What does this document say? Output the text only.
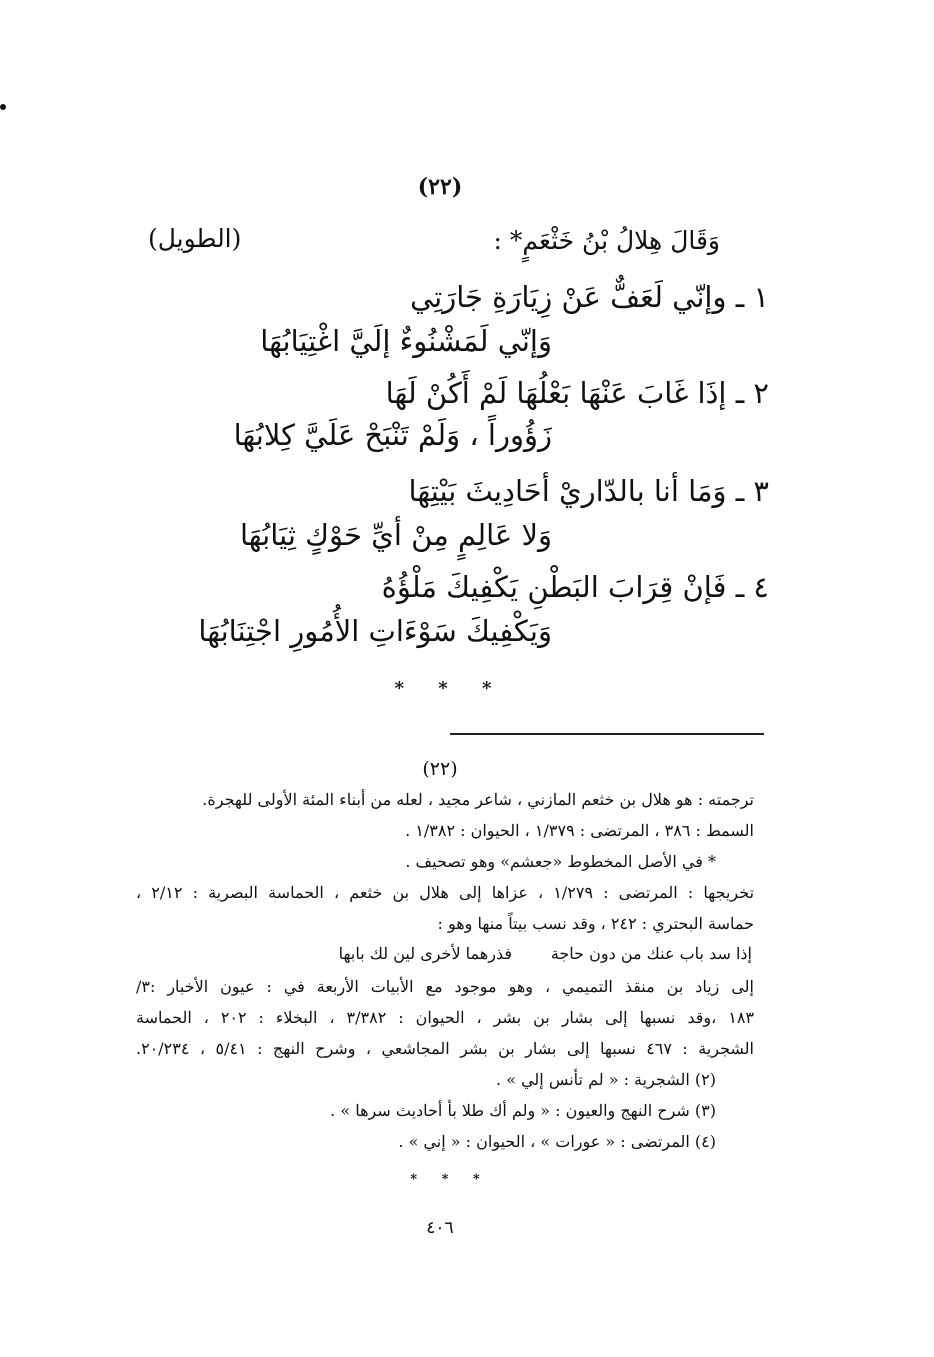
(٢٢)
وَقَالَ هِلالُ بْنُ خَثْعَمٍ* :
(الطويل)
١ ـ وإنّي لَعَفٌّ عَنْ زِيَارَةِ جَارَتِي
وَإنّي لَمَشْنُوءٌ إلَيَّ اغْتِيَابُهَا
٢ ـ إذَا غَابَ عَنْهَا بَعْلُهَا لَمْ أَكُنْ لَهَا
زَؤُوراً ، وَلَمْ تَنْبَحْ عَلَيَّ كِلابُهَا
٣ ـ وَمَا أنا بالدّاريْ أحَادِيثَ بَيْتِهَا
وَلا عَالِمٍ مِنْ أيِّ حَوْكٍ ثِيَابُهَا
٤ ـ فَإنْ قِرَابَ البَطْنِ يَكْفِيكَ مَلْؤُهُ
وَيَكْفِيكَ سَوْءَاتِ الأُمُورِ اجْتِنَابُهَا
* * *
(٢٢)
ترجمته : هو هلال بن خثعم المازني ، شاعر مجيد ، لعله من أبناء المئة الأولى للهجرة.
السمط : ٣٨٦ ، المرتضى : ١/٣٧٩ ، الحيوان : ١/٣٨٢ .
* في الأصل المخطوط «جعشم» وهو تصحيف .
تخريجها : المرتضى : ١/٢٧٩ ، عزاها إلى هلال بن خثعم ، الحماسة البصرية : ٢/١٢ ،
حماسة البحتري : ٢٤٢ ، وقد نسب بيتاً منها وهو :
إذا سد باب عنك من دون حاجة
فذرهما لأخرى لين لك بابها
إلى زياد بن منقذ التميمي ، وهو موجود مع الأبيات الأربعة في : عيون الأخبار :٣/
١٨٣ ،وقد نسبها إلى بشار بن بشر ، الحيوان : ٣/٣٨٢ ، البخلاء : ٢٠٢ ، الحماسة
الشجرية : ٤٦٧ نسبها إلى بشار بن بشر المجاشعي ، وشرح النهج : ٥/٤١ ، ٢٠/٢٣٤.
(٢) الشجرية : « لم تأنس إلي » .
(٣) شرح النهج والعيون : « ولم أك طلا بأ أحاديث سرها » .
(٤) المرتضى : « عورات » ، الحيوان : « إني » .
* * *
٤٠٦
